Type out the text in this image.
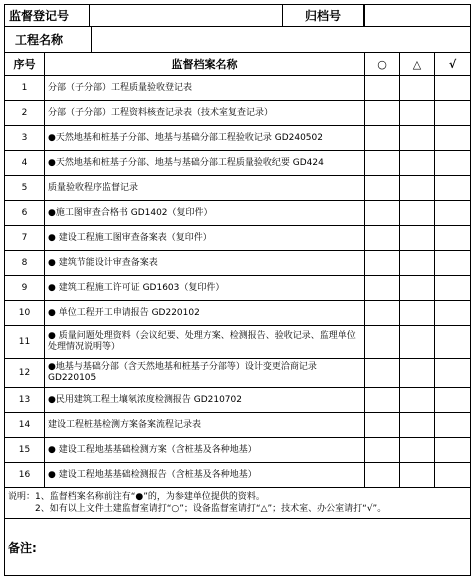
监督登记号 归档号				

工程名称				

序号	监督档案名称	○	△	√
1	分部（子分部）工程质量验收登记表			
2	分部（子分部）工程资料核查记录表（技术室复查记录）			
3	●天然地基和桩基子分部、地基与基础分部工程验收记录 GD240502			
4	●天然地基和桩基子分部、地基与基础分部工程质量验收纪要 GD424			
5	质量验收程序监督记录			
6	●施工图审查合格书 GD1402（复印件）			
7	● 建设工程施工图审查备案表（复印件）			
8	● 建筑节能设计审查备案表			
9	● 建筑工程施工许可证 GD1603（复印件）			
10	● 单位工程开工申请报告 GD220102			
11	● 质量问题处理资料（会议纪要、处理方案、检测报告、验收记录、监理单位处理情况说明等）			
12	●地基与基础分部（含天然地基和桩基子分部等）设计变更洽商记录 GD220105			
13	●民用建筑工程土壤氡浓度检测报告 GD210702			
14	建设工程桩基检测方案备案流程记录表			
15	● 建设工程地基基础检测方案（含桩基及各种地基）			
16	● 建设工程地基基础检测报告（含桩基及各种地基）			

说明：1、监督档案名称前注有“●”的，为参建单位提供的资料。
　　　2、如有以上文件土建监督室请打“○”；设备监督室请打“△”；技术室、办公室请打“√”。				

备注:				
